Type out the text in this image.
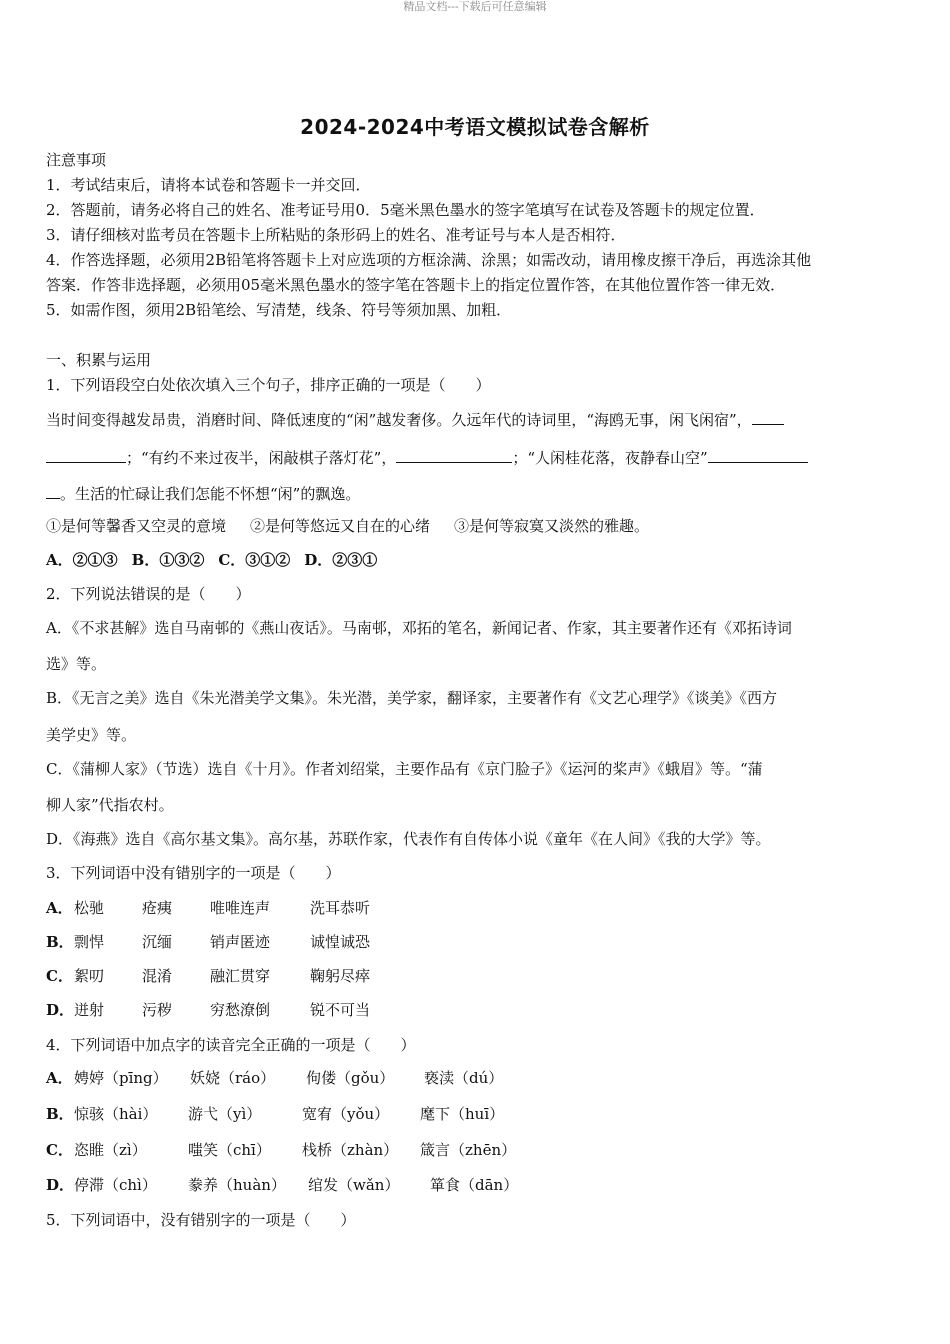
精品文档---下载后可任意编辑
2024-2024中考语文模拟试卷含解析
注意事项
1．考试结束后，请将本试卷和答题卡一并交回．
2．答题前，请务必将自己的姓名、准考证号用0．5毫米黑色墨水的签字笔填写在试卷及答题卡的规定位置．
3．请仔细核对监考员在答题卡上所粘贴的条形码上的姓名、准考证号与本人是否相符．
4．作答选择题，必须用2B铅笔将答题卡上对应选项的方框涂满、涂黑；如需改动，请用橡皮擦干净后，再选涂其他
答案．作答非选择题，必须用05毫米黑色墨水的签字笔在答题卡上的指定位置作答，在其他位置作答一律无效．
5．如需作图，须用2B铅笔绘、写清楚，线条、符号等须加黑、加粗．
一、积累与运用
1．下列语段空白处依次填入三个句子，排序正确的一项是（　　）
当时间变得越发昂贵，消磨时间、降低速度的“闲”越发奢侈。久远年代的诗词里，“海鸥无事，闲飞闲宿”，
；“有约不来过夜半，闲敲棋子落灯花”，	；“人闲桂花落，夜静春山空”
。生活的忙碌让我们怎能不怀想“闲”的飘逸。
①是何等馨香又空灵的意境 ②是何等悠远又自在的心绪 ③是何等寂寞又淡然的雅趣。
A．②①③ B．①③② C．③①② D．②③①
2．下列说法错误的是（　　）
A．《不求甚解》选自马南邨的《燕山夜话》。马南邨，邓拓的笔名，新闻记者、作家，其主要著作还有《邓拓诗词
选》等。
B．《无言之美》选自《朱光潜美学文集》。朱光潜，美学家，翻译家，主要著作有《文艺心理学》《谈美》《西方
美学史》等。
C．《蒲柳人家》（节选）选自《十月》。作者刘绍棠，主要作品有《京门脸子》《运河的桨声》《蛾眉》等。“蒲
柳人家”代指农村。
D．《海燕》选自《高尔基文集》。高尔基，苏联作家，代表作有自传体小说《童年《在人间》《我的大学》等。
3．下列词语中没有错别字的一项是（　　）
A．松驰	疮痍	唯唯连声	洗耳恭听
B．剽悍	沉缅	销声匿迹	诚惶诚恐
C．絮叨	混淆	融汇贯穿	鞠躬尽瘁
D．迸射	污秽	穷愁潦倒	锐不可当
4．下列词语中加点字的读音完全正确的一项是（　　）
A．娉婷（pīng） 妖娆（ráo） 佝偻（gǒu） 亵渎（dú）
B．惊骇（hài） 游弋（yì）	宽宥（yǒu） 麾下（huī）
C．恣睢（zì）	嗤笑（chī） 栈桥（zhàn） 箴言（zhēn）
D．停滞（chì） 豢养（huàn） 绾发（wǎn） 箪食（dān）
5．下列词语中，没有错别字的一项是（　　）
